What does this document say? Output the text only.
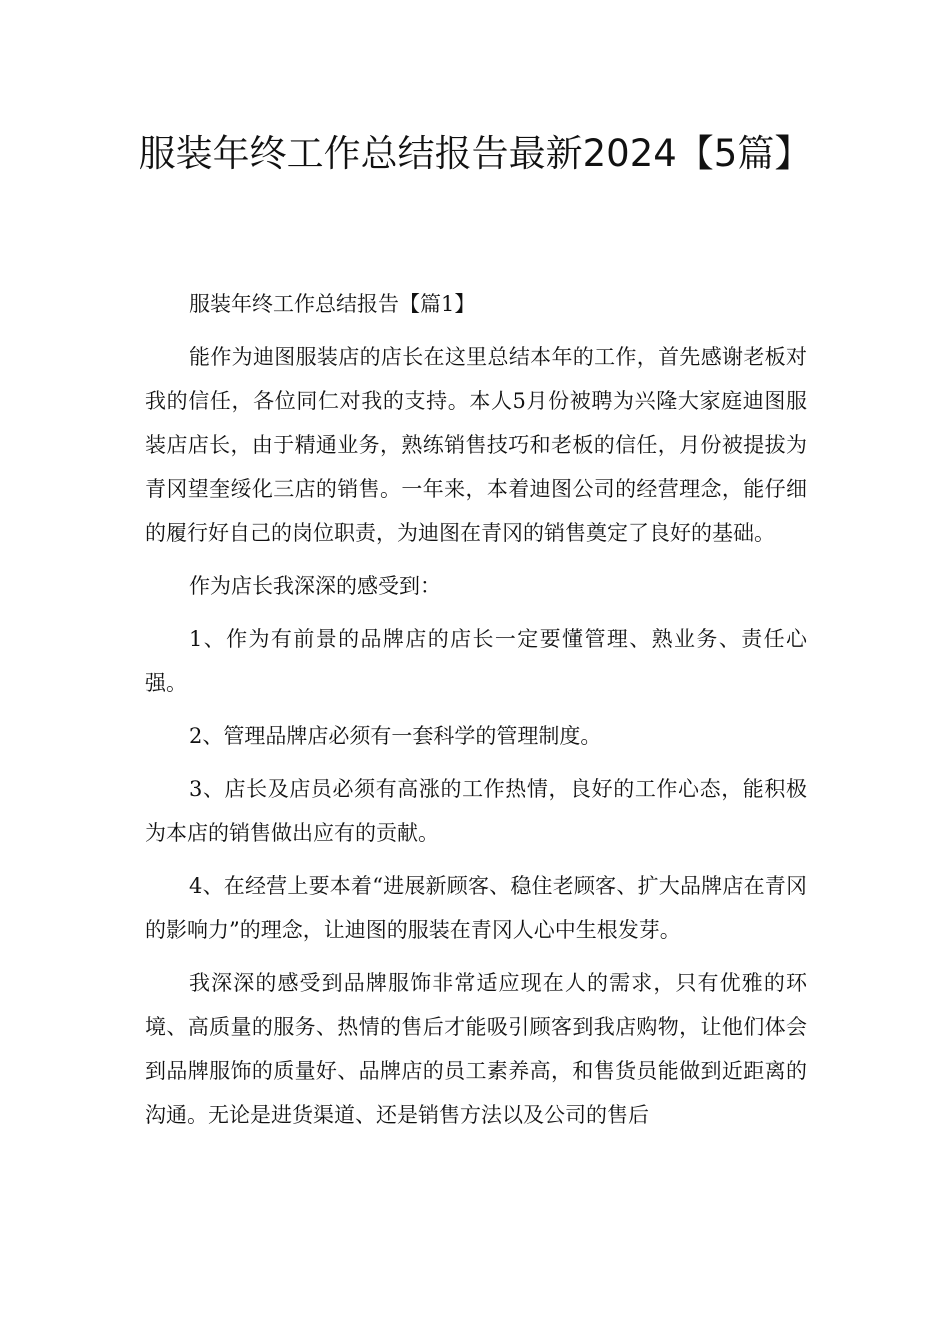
服装年终工作总结报告最新2024【5篇】

服装年终工作总结报告【篇1】

能作为迪图服装店的店长在这里总结本年的工作，首先感谢老板对我的信任，各位同仁对我的支持。本人5月份被聘为兴隆大家庭迪图服装店店长，由于精通业务，熟练销售技巧和老板的信任，月份被提拔为青冈望奎绥化三店的销售。一年来，本着迪图公司的经营理念，能仔细的履行好自己的岗位职责，为迪图在青冈的销售奠定了良好的基础。

作为店长我深深的感受到：

1、作为有前景的品牌店的店长一定要懂管理、熟业务、责任心强。

2、管理品牌店必须有一套科学的管理制度。

3、店长及店员必须有高涨的工作热情，良好的工作心态，能积极为本店的销售做出应有的贡献。

4、在经营上要本着“进展新顾客、稳住老顾客、扩大品牌店在青冈的影响力”的理念，让迪图的服装在青冈人心中生根发芽。

我深深的感受到品牌服饰非常适应现在人的需求，只有优雅的环境、高质量的服务、热情的售后才能吸引顾客到我店购物，让他们体会到品牌服饰的质量好、品牌店的员工素养高，和售货员能做到近距离的沟通。无论是进货渠道、还是销售方法以及公司的售后
